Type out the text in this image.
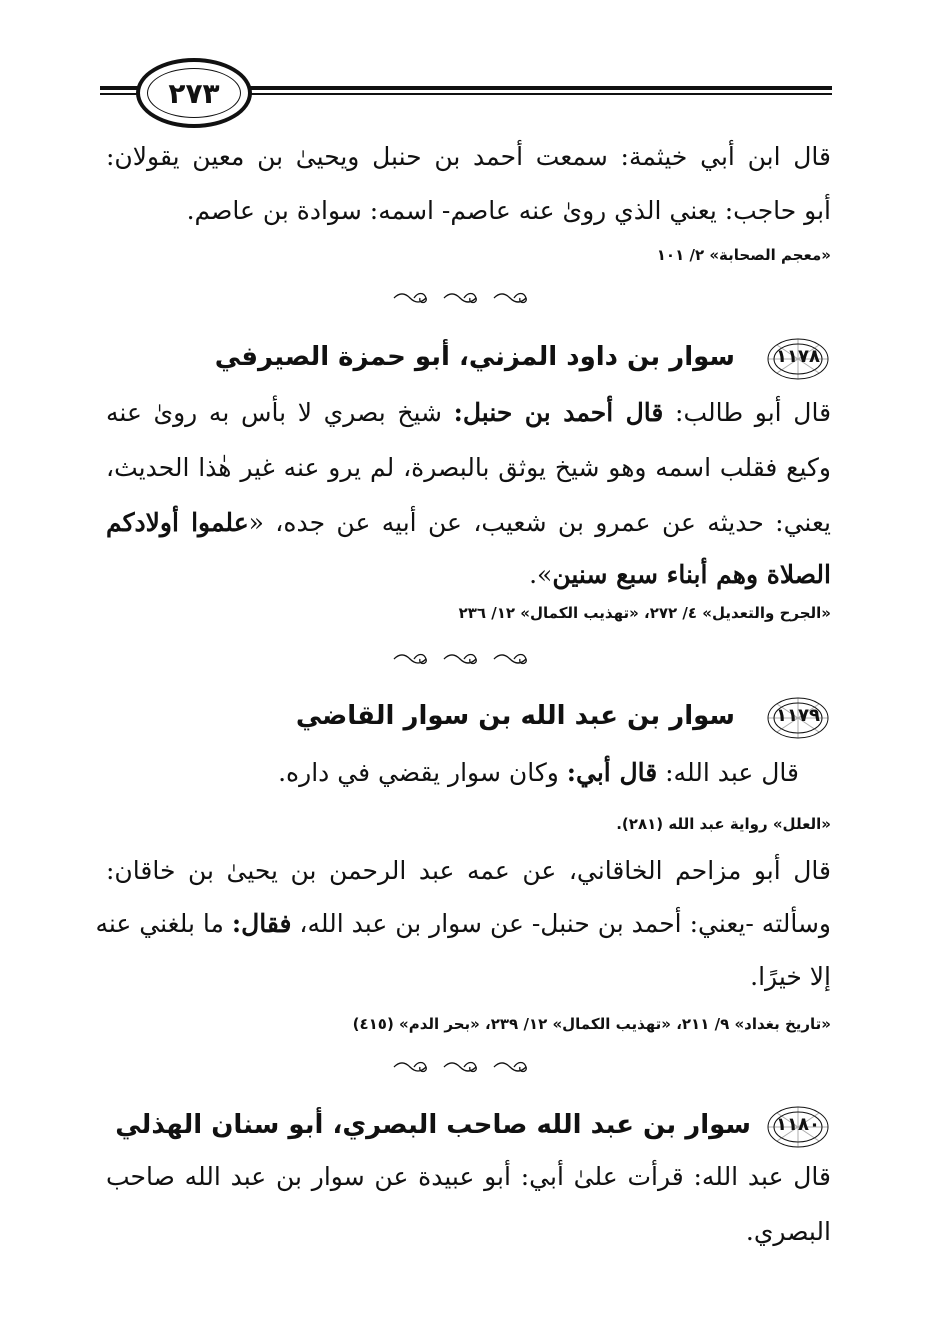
٢٧٣
قال ابن أبي خيثمة: سمعت أحمد بن حنبل ويحيىٰ بن معين يقولان:
أبو حاجب: يعني الذي روىٰ عنه عاصم- اسمه: سوادة بن عاصم.
«معجم الصحابة» ٢/ ١٠١
١١٧٨
سوار بن داود المزني، أبو حمزة الصيرفي
قال أبو طالب: قال أحمد بن حنبل: شيخ بصري لا بأس به روىٰ عنه
وكيع فقلب اسمه وهو شيخ يوثق بالبصرة، لم يرو عنه غير هٰذا الحديث،
يعني: حديثه عن عمرو بن شعيب، عن أبيه عن جده، «علموا أولادكم
الصلاة وهم أبناء سبع سنين».
«الجرح والتعديل» ٤/ ٢٧٢، «تهذيب الكمال» ١٢/ ٢٣٦
١١٧٩
سوار بن عبد الله بن سوار القاضي
قال عبد الله: قال أبي: وكان سوار يقضي في داره.
«العلل» رواية عبد الله (٢٨١).
قال أبو مزاحم الخاقاني، عن عمه عبد الرحمن بن يحيىٰ بن خاقان:
وسألته -يعني: أحمد بن حنبل- عن سوار بن عبد الله، فقال: ما بلغني عنه
إلا خيرًا.
«تاريخ بغداد» ٩/ ٢١١، «تهذيب الكمال» ١٢/ ٢٣٩، «بحر الدم» (٤١٥)
١١٨٠
سوار بن عبد الله صاحب البصري، أبو سنان الهذلي
قال عبد الله: قرأت علىٰ أبي: أبو عبيدة عن سوار بن عبد الله صاحب
البصري.
